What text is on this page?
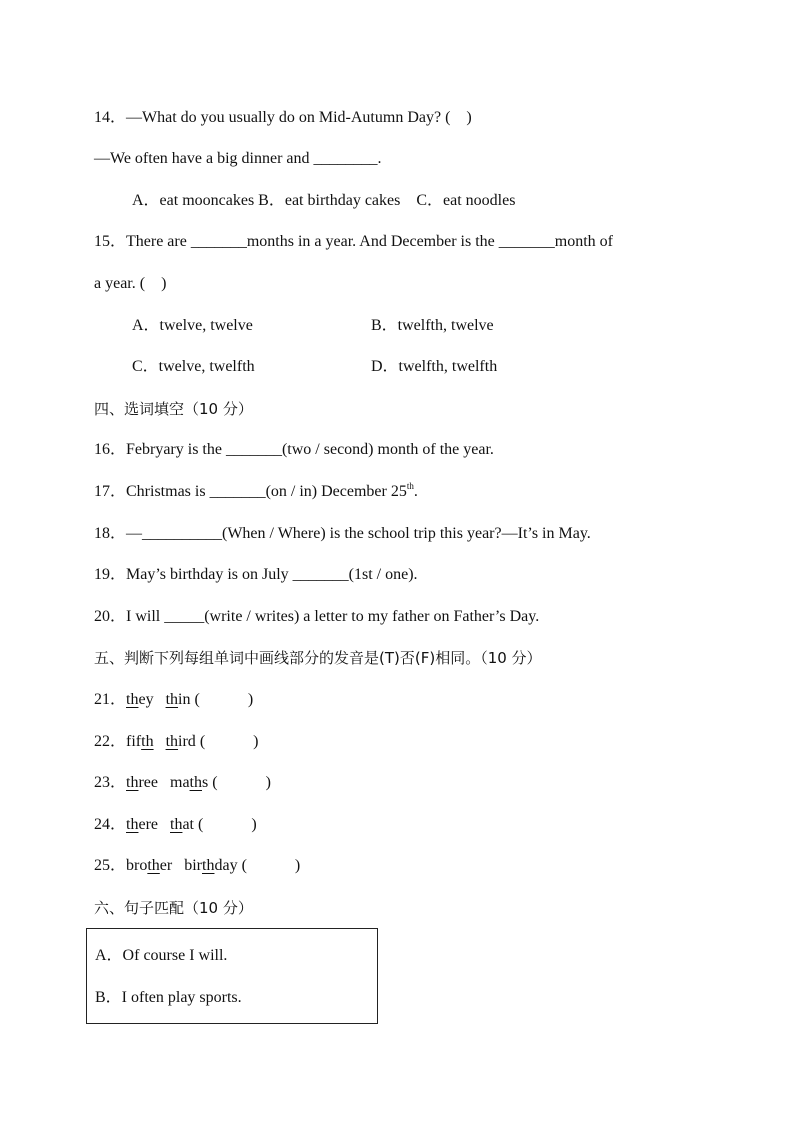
14．—What do you usually do on Mid-Autumn Day? (    )
—We often have a big dinner and ________.
A．eat mooncakes B．eat birthday cakes    C．eat noodles
15．There are _______months in a year. And December is the _______month of
a year. (    )
A．twelve, twelve	B．twelfth, twelve
C．twelve, twelfth	D．twelfth, twelfth
四、选词填空（10 分）
16．Febryary is the _______(two / second) month of the year.
17．Christmas is _______(on / in) December 25th.
18．—__________(When / Where) is the school trip this year?—It’s in May.
19．May’s birthday is on July _______(1st / one).
20．I will _____(write / writes) a letter to my father on Father’s Day.
五、判断下列每组单词中画线部分的发音是(T)否(F)相同。（10 分）
21．they thin (            )
22．fifth third (            )
23．three maths (            )
24．there that (            )
25．brother birthday (            )
六、句子匹配（10 分）
A．Of course I will.
B．I often play sports.
